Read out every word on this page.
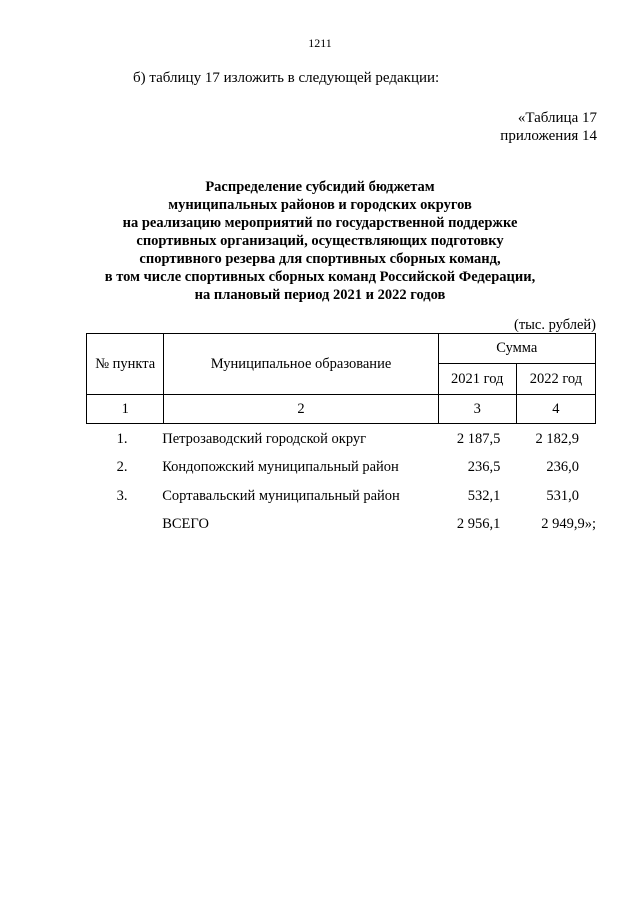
1211
б) таблицу 17 изложить в следующей редакции:
«Таблица 17
приложения 14
Распределение субсидий бюджетам
муниципальных районов и городских округов
на реализацию мероприятий по государственной поддержке
спортивных организаций, осуществляющих подготовку
спортивного резерва для спортивных сборных команд,
в том числе спортивных сборных команд Российской Федерации,
на плановый период 2021 и 2022 годов
(тыс. рублей)
№ пункта	Муниципальное образование	Сумма	
		2021 год	2022 год
1	2	3	4
1.	Петрозаводский городской округ	2 187,5	2 182,9
2.	Кондопожский муниципальный район	236,5	236,0
3.	Сортавальский муниципальный район	532,1	531,0
	ВСЕГО	2 956,1	2 949,9»;
